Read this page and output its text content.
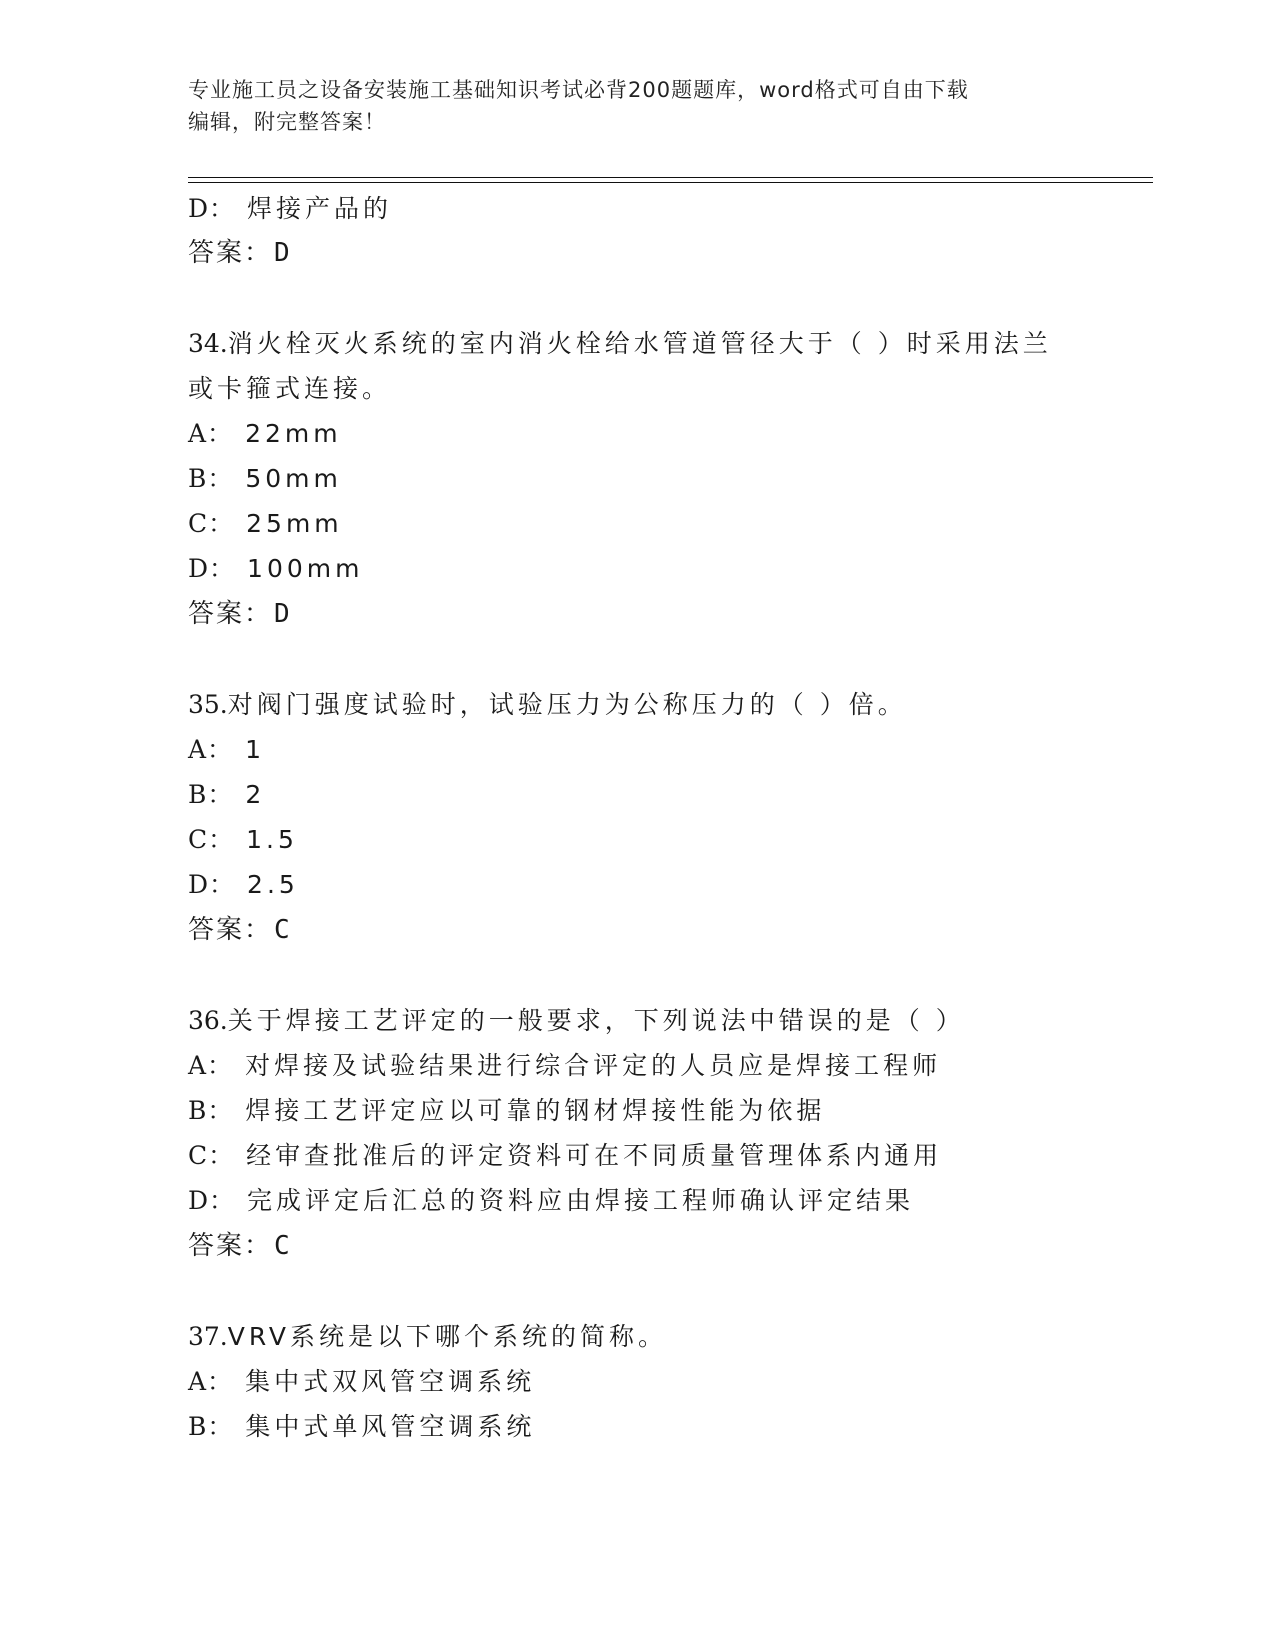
专业施工员之设备安装施工基础知识考试必背200题题库，word格式可自由下载
编辑，附完整答案！
D： 焊接产品的
答案：D
34.消火栓灭火系统的室内消火栓给水管道管径大于（ ）时采用法兰
或卡箍式连接。
A： 22mm
B： 50mm
C： 25mm
D： 100mm
答案：D
35.对阀门强度试验时，试验压力为公称压力的（ ）倍。
A： 1
B： 2
C： 1.5
D： 2.5
答案：C
36.关于焊接工艺评定的一般要求，下列说法中错误的是（ ）
A： 对焊接及试验结果进行综合评定的人员应是焊接工程师
B： 焊接工艺评定应以可靠的钢材焊接性能为依据
C： 经审查批准后的评定资料可在不同质量管理体系内通用
D： 完成评定后汇总的资料应由焊接工程师确认评定结果
答案：C
37.VRV系统是以下哪个系统的简称。
A： 集中式双风管空调系统
B： 集中式单风管空调系统
